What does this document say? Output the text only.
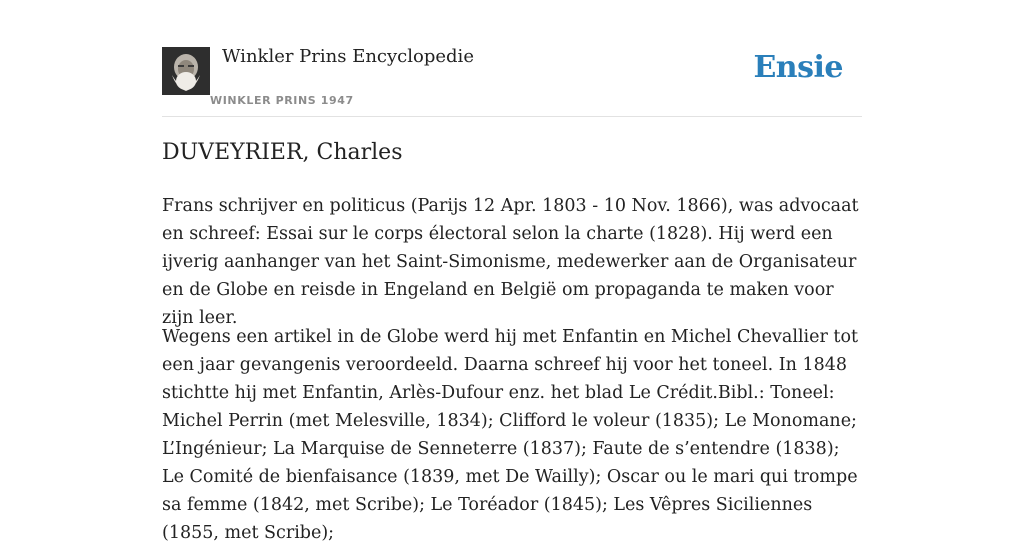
Winkler Prins Encyclopedie
WINKLER PRINS 1947
Ensie
DUVEYRIER, Charles

Frans schrijver en politicus (Parijs 12 Apr. 1803 - 10 Nov. 1866), was advocaat en schreef: Essai sur le corps électoral selon la charte (1828). Hij werd een ijverig aanhanger van het Saint-Simonisme, medewerker aan de Organisateur en de Globe en reisde in Engeland en België om propaganda te maken voor zijn leer.

Wegens een artikel in de Globe werd hij met Enfantin en Michel Chevallier tot een jaar gevangenis veroordeeld. Daarna schreef hij voor het toneel. In 1848 stichtte hij met Enfantin, Arlès-Dufour enz. het blad Le Crédit.Bibl.: Toneel: Michel Perrin (met Melesville, 1834); Clifford le voleur (1835); Le Monomane; L’Ingénieur; La Marquise de Senneterre (1837); Faute de s’entendre (1838); Le Comité de bienfaisance (1839, met De Wailly); Oscar ou le mari qui trompe sa femme (1842, met Scribe); Le Toréador (1845); Les Vêpres Siciliennes (1855, met Scribe);
